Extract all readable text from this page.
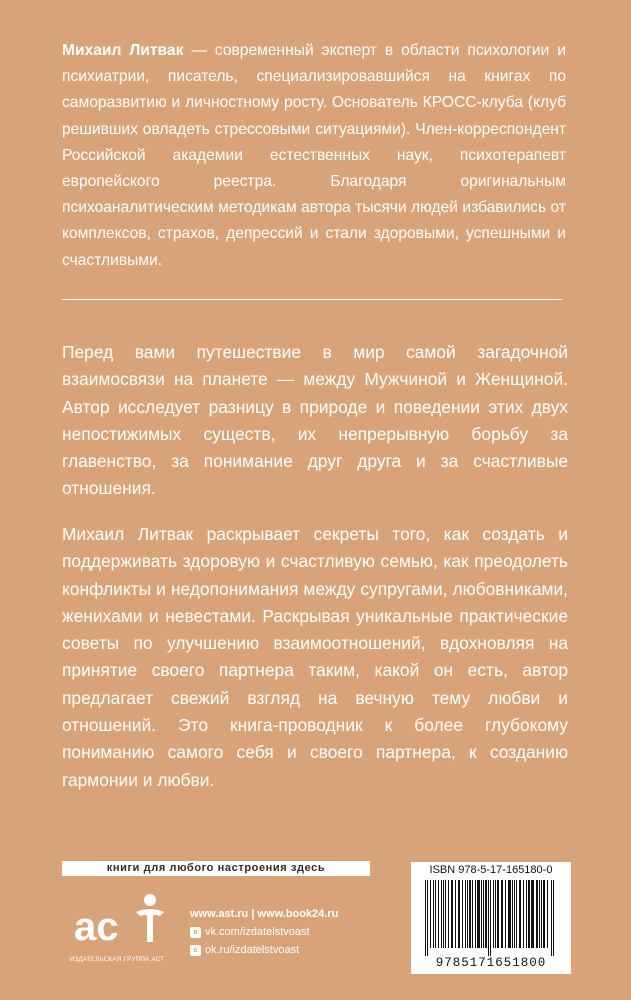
Михаил Литвак — современный эксперт в области психологии и психиатрии, писатель, специализировавшийся на книгах по саморазвитию и личностному росту. Основатель КРОСС-клуба (клуб решивших овладеть стрессовыми ситуациями). Член-корреспондент Российской академии естественных наук, психотерапевт европейского реестра. Благодаря оригинальным психоаналитическим методикам автора тысячи людей избавились от комплексов, страхов, депрессий и стали здоровыми, успешными и счастливыми.
Перед вами путешествие в мир самой загадочной взаимосвязи на планете — между Мужчиной и Женщиной. Автор исследует разницу в природе и поведении этих двух непостижимых существ, их непрерывную борьбу за главенство, за понимание друг друга и за счастливые отношения.
Михаил Литвак раскрывает секреты того, как создать и поддерживать здоровую и счастливую семью, как преодолеть конфликты и недопонимания между супругами, любовниками, женихами и невестами. Раскрывая уникальные практические советы по улучшению взаимоотношений, вдохновляя на принятие своего партнера таким, какой он есть, автор предлагает свежий взгляд на вечную тему любви и отношений. Это книга-проводник к более глубокому пониманию самого себя и своего партнера, к созданию гармонии и любви.
книги для любого настроения здесь
ac
ИЗДАТЕЛЬСКАЯ ГРУППА АСТ
www.ast.ru | www.book24.ru
в vk.com/izdatelstvoast
о ok.ru/izdatelstvoast
ISBN 978-5-17-165180-0
9785171651800
